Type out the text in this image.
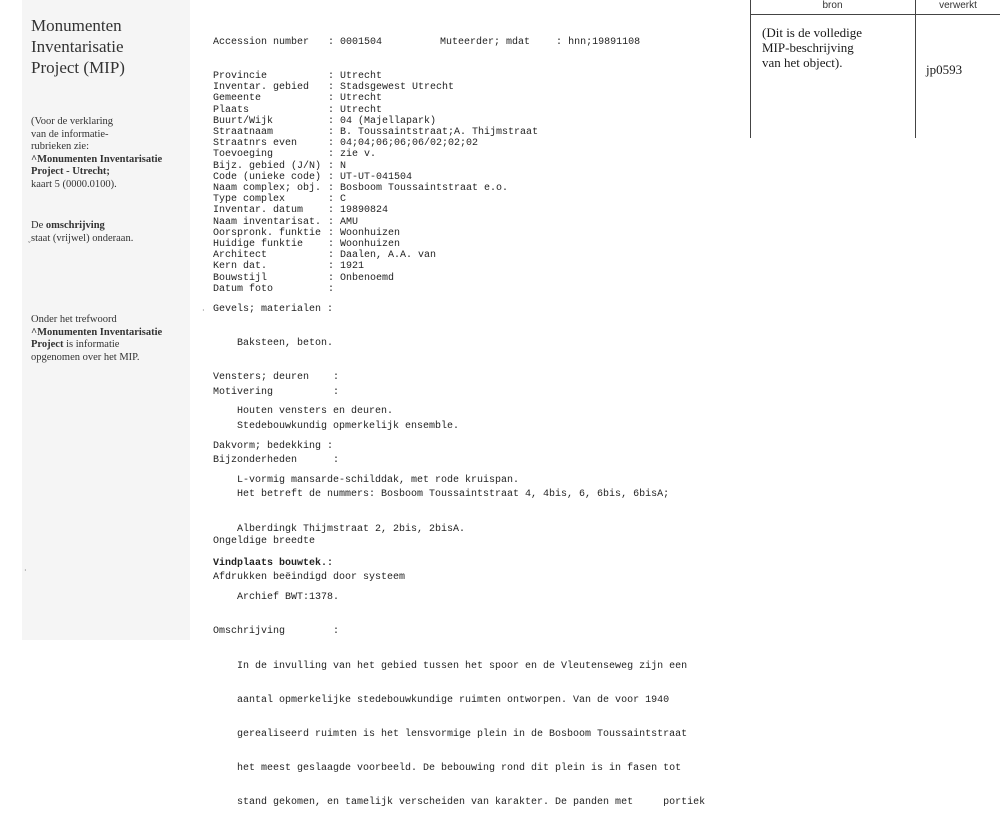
Monumenten
Inventarisatie
Project (MIP)
(Voor de verklaring
van de informatie-
rubrieken zie:
^Monumenten Inventarisatie
Project - Utrecht;
kaart 5 (0000.0100).
De omschrijving
staat (vrijwel) onderaan.
Onder het trefwoord
^Monumenten Inventarisatie
Project is informatie
opgenomen over het MIP.
ˇ
·
·
bron	verwerkt
(Dit is de volledige
MIP-beschrijving
van het object).	jp0593

Accession number : 0001504	Muteerder; mdat	: hnn;19891108

Provincie	: Utrecht
Inventar. gebied : Stadsgewest Utrecht
Gemeente	: Utrecht
Plaats	: Utrecht
Buurt/Wijk	: 04 (Majellapark)
Straatnaam	: B. Toussaintstraat;A. Thijmstraat
Straatnrs even	: 04;04;06;06;06/02;02;02
Toevoeging	: zie v.
Bijz. gebied (J/N) : N
Code (unieke code) : UT-UT-041504
Naam complex; obj. : Bosboom Toussaintstraat e.o.
Type complex	: C
Inventar. datum : 19890824
Naam inventarisat. : AMU
Oorspronk. funktie : Woonhuizen
Huidige funktie : Woonhuizen
Architect	: Daalen, A.A. van
Kern dat.	: 1921
Bouwstijl	: Onbenoemd
Datum foto	:

Gevels; materialen :

Baksteen, beton.

Vensters; deuren    :

Houten vensters en deuren.

Dakvorm; bedekking :

L-vormig mansarde-schilddak, met rode kruispan.

Motivering          :

Stedebouwkundig opmerkelijk ensemble.

Bijzonderheden      :

Het betreft de nummers: Bosboom Toussaintstraat 4, 4bis, 6, 6bis, 6bisA;

Alberdingk Thijmstraat 2, 2bis, 2bisA.

Vindplaats bouwtek.:

Archief BWT:1378.

Omschrijving        :

In de invulling van het gebied tussen het spoor en de Vleutenseweg zijn een

aantal opmerkelijke stedebouwkundige ruimten ontworpen. Van de voor 1940

gerealiseerd ruimten is het lensvormige plein in de Bosboom Toussaintstraat

het meest geslaagde voorbeeld. De bebouwing rond dit plein is in fasen tot

stand gekomen, en tamelijk verscheiden van karakter. De panden met     portiek

Ongeldige breedte
Afdrukken beëindigd door systeem
